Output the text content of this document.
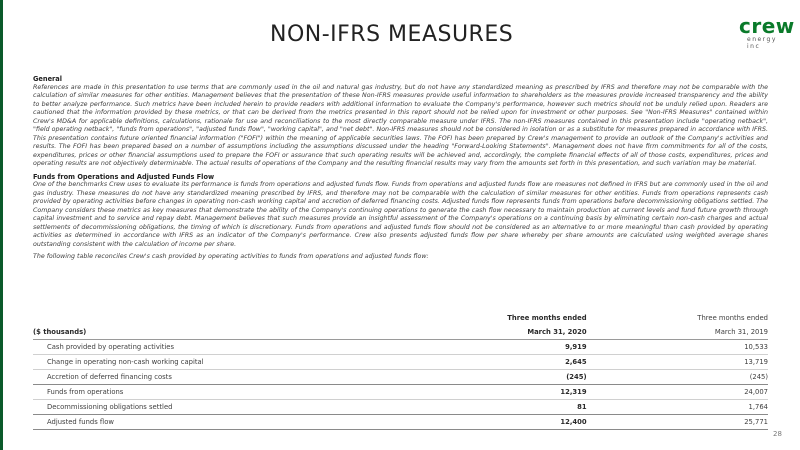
NON-IFRS MEASURES	crew
energy inc
General

References are made in this presentation to use terms that are commonly used in the oil and natural gas industry, but do not have any standardized meaning as prescribed by IFRS and therefore may not be comparable with the calculation of similar measures for other entities. Management believes that the presentation of these Non-IFRS measures provide useful information to shareholders as the measures provide increased transparency and the ability to better analyze performance. Such metrics have been included herein to provide readers with additional information to evaluate the Company's performance, however such metrics should not be unduly relied upon. Readers are cautioned that the information provided by these metrics, or that can be derived from the metrics presented in this report should not be relied upon for investment or other purposes. See "Non-IFRS Measures" contained within Crew's MD&A for applicable definitions, calculations, rationale for use and reconciliations to the most directly comparable measure under IFRS. The non-IFRS measures contained in this presentation include "operating netback", "field operating netback", "funds from operations", "adjusted funds flow", "working capital", and "net debt". Non-IFRS measures should not be considered in isolation or as a substitute for measures prepared in accordance with IFRS. This presentation contains future oriented financial information ("FOFI") within the meaning of applicable securities laws. The FOFI has been prepared by Crew's management to provide an outlook of the Company's activities and results. The FOFI has been prepared based on a number of assumptions including the assumptions discussed under the heading "Forward-Looking Statements". Management does not have firm commitments for all of the costs, expenditures, prices or other financial assumptions used to prepare the FOFI or assurance that such operating results will be achieved and, accordingly, the complete financial effects of all of those costs, expenditures, prices and operating results are not objectively determinable. The actual results of operations of the Company and the resulting financial results may vary from the amounts set forth in this presentation, and such variation may be material.

Funds from Operations and Adjusted Funds Flow

One of the benchmarks Crew uses to evaluate its performance is funds from operations and adjusted funds flow. Funds from operations and adjusted funds flow are measures not defined in IFRS but are commonly used in the oil and gas industry. These measures do not have any standardized meaning prescribed by IFRS, and therefore may not be comparable with the calculation of similar measures for other entities. Funds from operations represents cash provided by operating activities before changes in operating non-cash working capital and accretion of deferred financing costs. Adjusted funds flow represents funds from operations before decommissioning obligations settled. The Company considers these metrics as key measures that demonstrate the ability of the Company's continuing operations to generate the cash flow necessary to maintain production at current levels and fund future growth through capital investment and to service and repay debt. Management believes that such measures provide an insightful assessment of the Company's operations on a continuing basis by eliminating certain non-cash charges and actual settlements of decommissioning obligations, the timing of which is discretionary. Funds from operations and adjusted funds flow should not be considered as an alternative to or more meaningful than cash provided by operating activities as determined in accordance with IFRS as an indicator of the Company's performance. Crew also presents adjusted funds flow per share whereby per share amounts are calculated using weighted average shares outstanding consistent with the calculation of income per share.

The following table reconciles Crew's cash provided by operating activities to funds from operations and adjusted funds flow:

	Three months ended	Three months ended
($ thousands)	March 31, 2020	March 31, 2019
Cash provided by operating activities	9,919	10,533
Change in operating non-cash working capital	2,645	13,719
Accretion of deferred financing costs	(245)	(245)
Funds from operations	12,319	24,007
Decommissioning obligations settled	81	1,764
Adjusted funds flow	12,400	25,771
28
